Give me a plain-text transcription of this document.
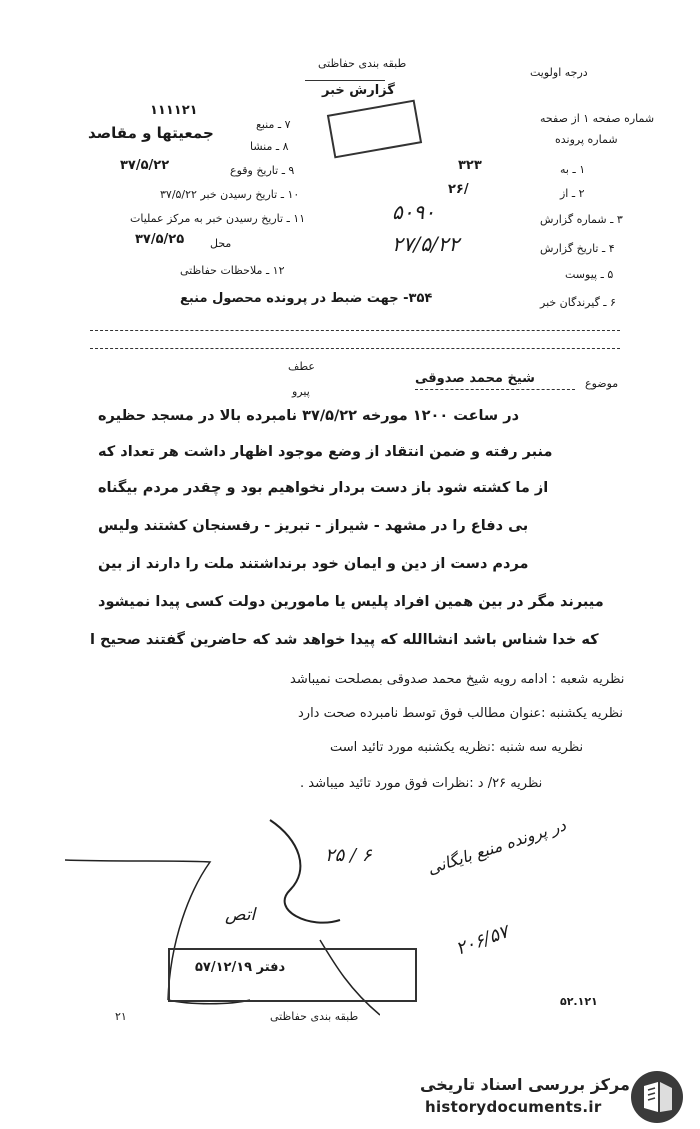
درجه اولویت
طبقه بندی حفاظتی
گزارش خبر
شماره صفحه ۱ از صفحه
شماره پرونده
جمعیتها و مقاصد
۱۱۱۱۲۱
۷ ـ منبع
۸ ـ منشا
۹ ـ تاریخ وقوع
۳۷/۵/۲۲
۱۰ ـ تاریخ رسیدن خبر ۳۷/۵/۲۲
۱۱ ـ تاریخ رسیدن خبر به مرکز عملیات
محل
۳۷/۵/۲۵
۱۲ ـ ملاحظات حفاظتی
۱ ـ به
۳۲۳
۲ ـ از
۲۶/
۳ ـ شماره گزارش
۵۰۹۰
۴ ـ تاریخ گزارش
۲۷/۵/۲۲
۵ ـ پیوست
۶ ـ گیرندگان خبر
۳۵۴- جهت ضبط در پرونده محصول منبع
موضوع
شیخ محمد صدوقی
عطف
پیرو
در ساعت ۱۲۰۰ مورخه ۳۷/۵/۲۲ نامبرده بالا در مسجد حظیره
منبر رفته و ضمن انتقاد از وضع موجود اظهار داشت هر تعداد که
از ما کشته شود باز دست بردار نخواهیم بود و چقدر مردم بیگناه
بی دفاع را در مشهد - شیراز - تبریز - رفسنجان کشتند ولیس
مردم دست از دین و ایمان خود برنداشتند ملت را دارند از بین
میبرند مگر در بین همین افراد پلیس یا مامورین دولت کسی پیدا نمیشود
که خدا شناس باشد انشاالله که پیدا خواهد شد که حاضرین گفتند صحیح ا
نظریه شعبه : ادامه رویه شیخ محمد صدوقی بمصلحت نمیباشد
نظریه یکشنبه :عنوان مطالب فوق توسط نامبرده صحت دارد
نظریه سه شنبه :نظریه یکشنبه مورد تائید است
نظریه ۲۶/ د :نظرات فوق مورد تائید میباشد .
۲۵ / ۶	در پرونده منبع بایگانی
اتص
۲۰۶/۵۷
دفتر ۵۷/۱۲/۱۹
۲۱	طبقه بندی حفاظتی
۵۲.۱۲۱
مرکز بررسی اسناد تاریخی
historydocuments.ir
